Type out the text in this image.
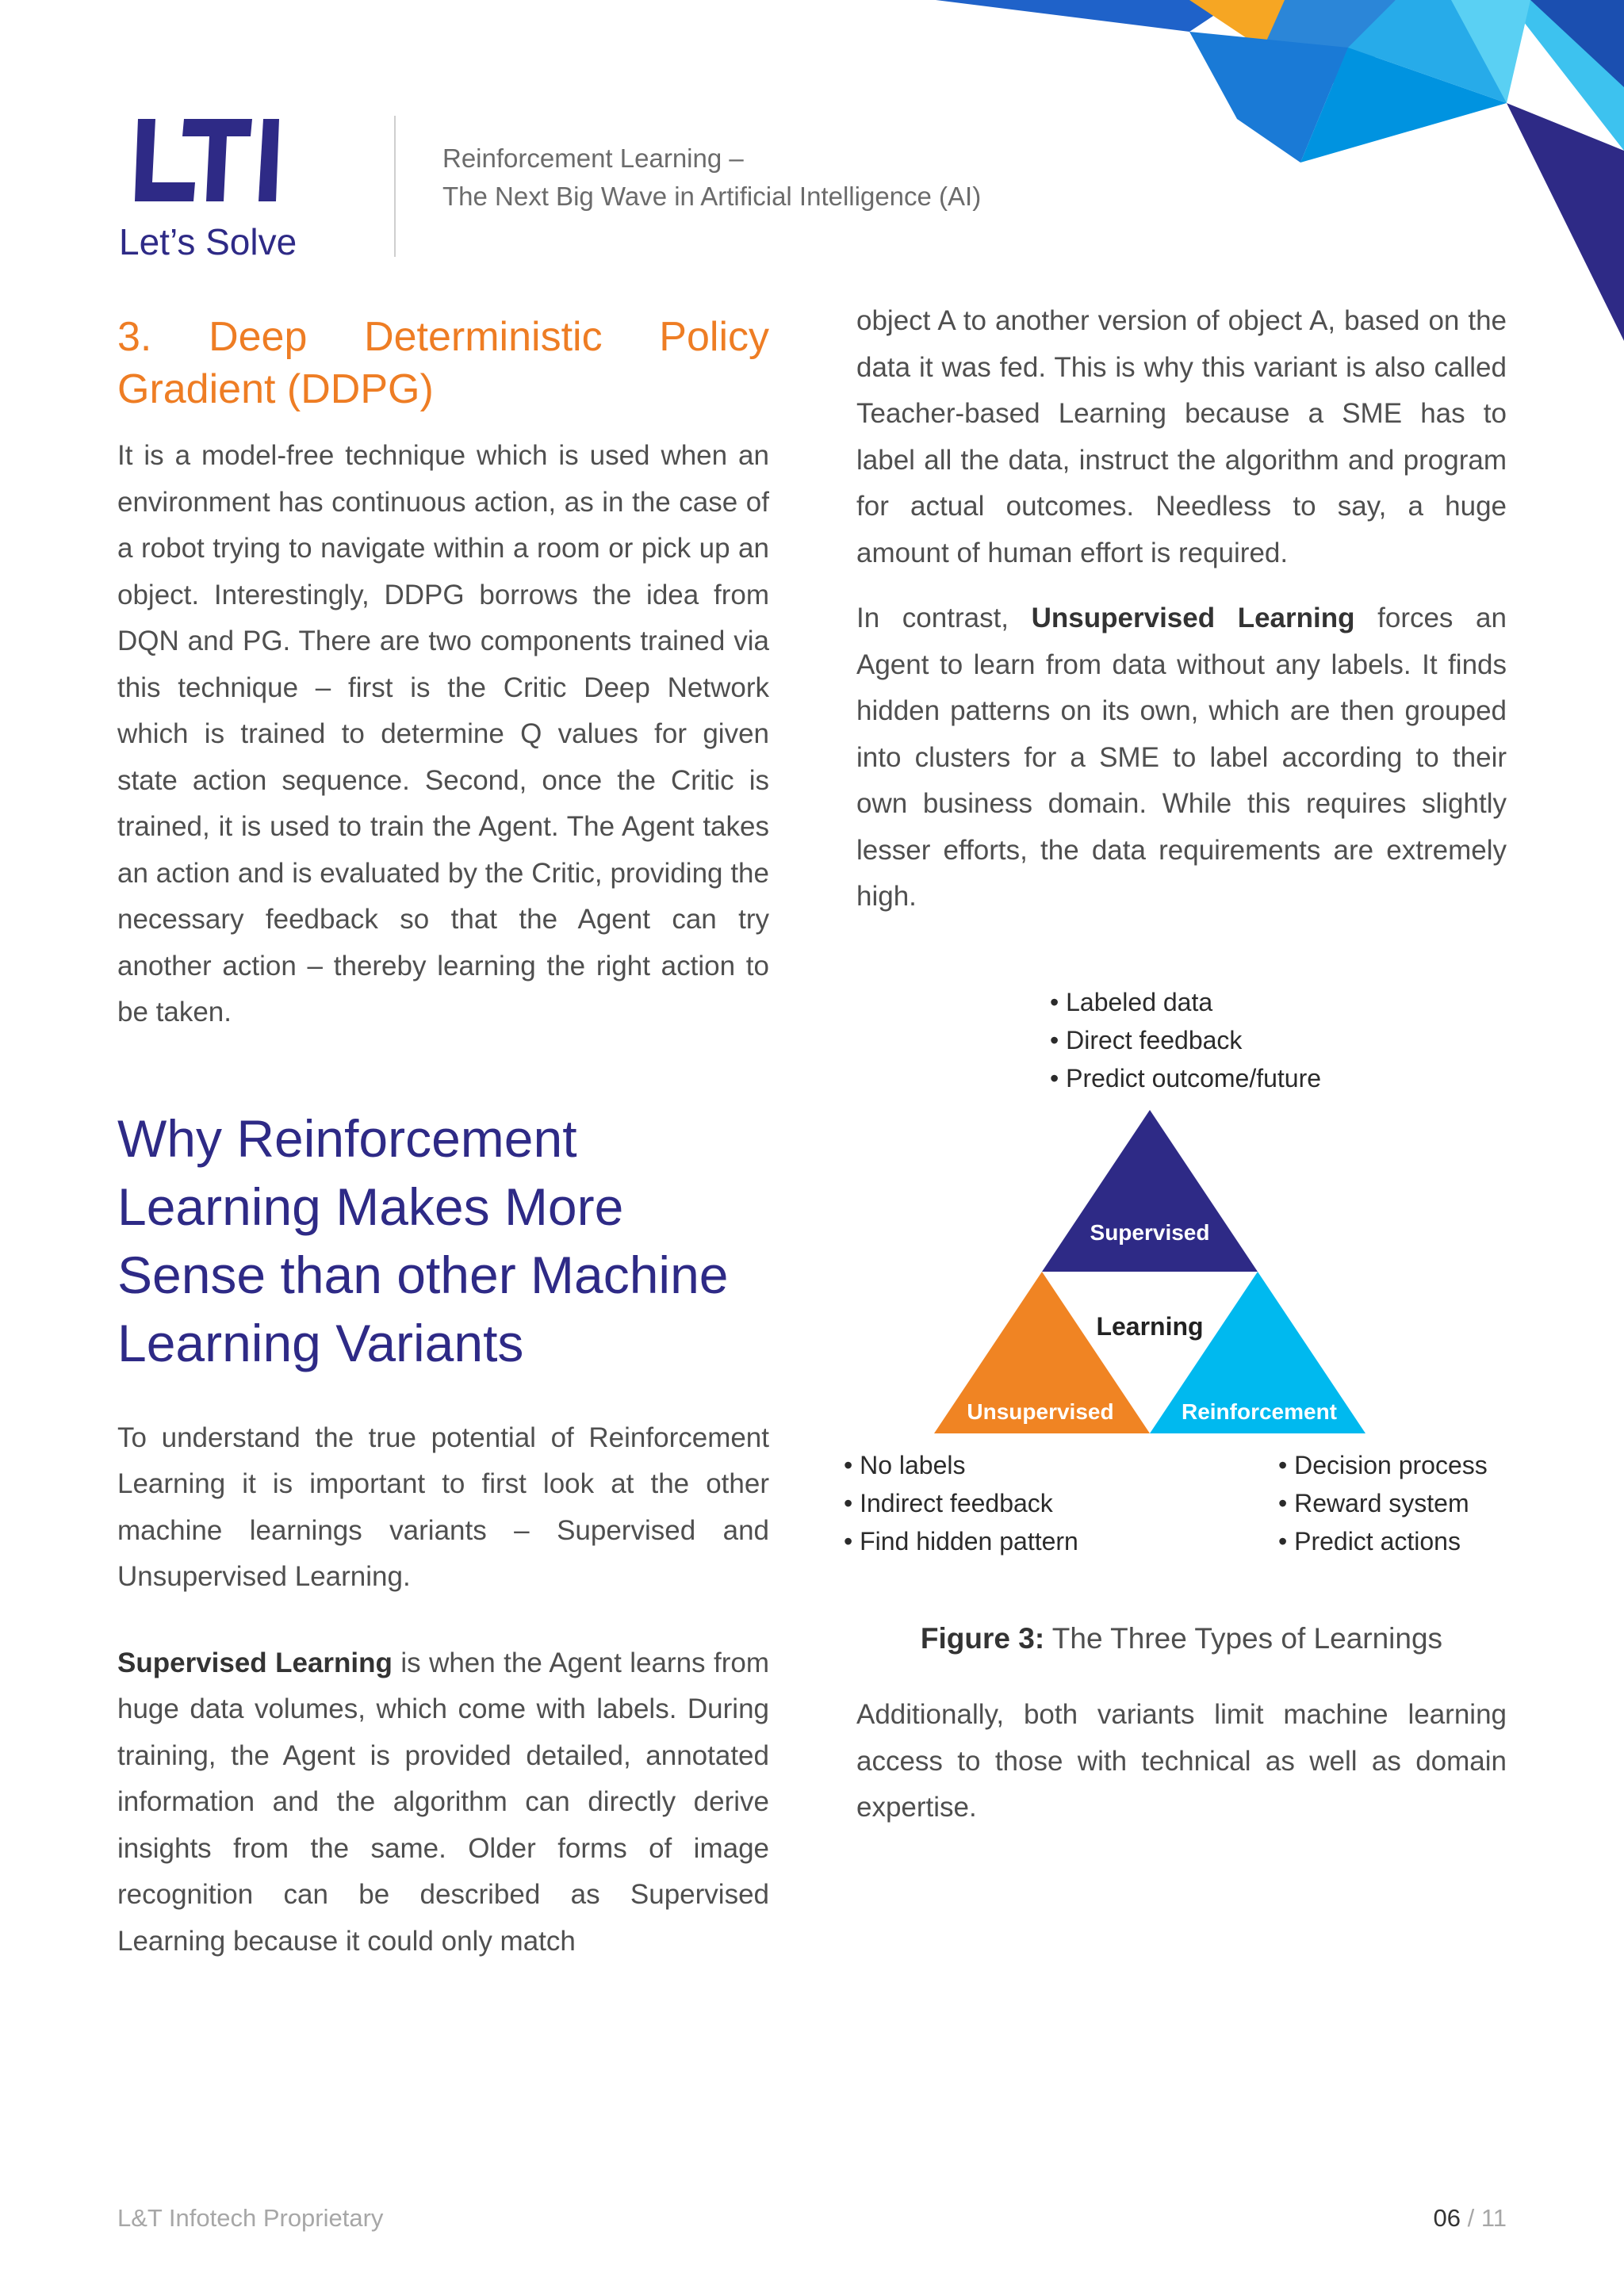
Let’s Solve
Reinforcement Learning –
The Next Big Wave in Artificial Intelligence (AI)
3. Deep Deterministic Policy Gradient (DDPG)

It is a model-free technique which is used when an environment has continuous action, as in the case of a robot trying to navigate within a room or pick up an object. Interestingly, DDPG borrows the idea from DQN and PG. There are two components trained via this technique – first is the Critic Deep Network which is trained to determine Q values for given state action sequence. Second, once the Critic is trained, it is used to train the Agent. The Agent takes an action and is evaluated by the Critic, providing the necessary feedback so that the Agent can try another action – thereby learning the right action to be taken.

Why Reinforcement Learning Makes More Sense than other Machine Learning Variants

To understand the true potential of Reinforcement Learning it is important to first look at the other machine learnings variants – Supervised and Unsupervised Learning.

Supervised Learning is when the Agent learns from huge data volumes, which come with labels. During training, the Agent is provided detailed, annotated information and the algorithm can directly derive insights from the same. Older forms of image recognition can be described as Supervised Learning because it could only match

object A to another version of object A, based on the data it was fed. This is why this variant is also called Teacher-based Learning because a SME has to label all the data, instruct the algorithm and program for actual outcomes. Needless to say, a huge amount of human effort is required.

In contrast, Unsupervised Learning forces an Agent to learn from data without any labels. It finds hidden patterns on its own, which are then grouped into clusters for a SME to label according to their own business domain. While this requires slightly lesser efforts, the data requirements are extremely high.

• Labeled data
• Direct feedback
• Predict outcome/future
Supervised
Learning
Unsupervised	Reinforcement
• No labels
• Indirect feedback
• Find hidden pattern
• Decision process
• Reward system
• Predict actions
Figure 3: The Three Types of Learnings

Additionally, both variants limit machine learning access to those with technical as well as domain expertise.

L&T Infotech Proprietary	06 / 11
